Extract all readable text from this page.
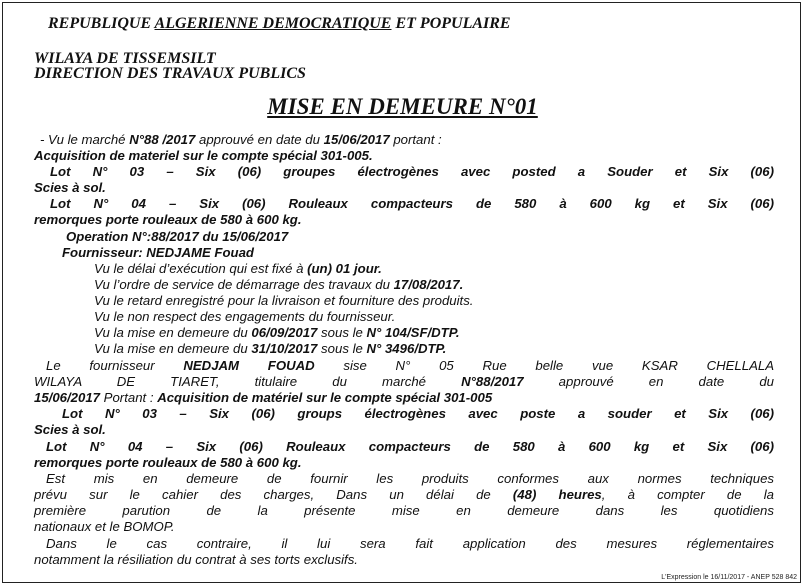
REPUBLIQUE ALGERIENNE DEMOCRATIQUE ET POPULAIRE
WILAYA DE TISSEMSILT
DIRECTION DES TRAVAUX PUBLICS
MISE EN DEMEURE N°01
- Vu le marché N°88 /2017 approuvé en date du 15/06/2017 portant :
Acquisition de materiel sur le compte spécial 301-005.
Lot N° 03 – Six (06) groupes électrogènes avec posted a Souder et Six (06)
Scies à sol.
Lot N° 04 – Six (06) Rouleaux compacteurs de 580 à 600 kg et Six (06)
remorques porte rouleaux de 580 à 600 kg.
Operation N°:88/2017 du 15/06/2017
Fournisseur: NEDJAME Fouad
Vu le délai d’exécution qui est fixé à (un) 01 jour.
Vu l’ordre de service de démarrage des travaux du 17/08/2017.
Vu le retard enregistré pour la livraison et fourniture des produits.
Vu le non respect des engagements du fournisseur.
Vu la mise en demeure du 06/09/2017 sous le N° 104/SF/DTP.
Vu la mise en demeure du 31/10/2017 sous le N° 3496/DTP.
Le fournisseur NEDJAM FOUAD sise N° 05 Rue belle vue KSAR CHELLALA
WILAYA DE TIARET, titulaire du marché N°88/2017 approuvé en date du
15/06/2017 Portant : Acquisition de matériel sur le compte spécial 301-005
Lot N° 03 – Six (06) groups électrogènes avec poste a souder et Six (06)
Scies à sol.
Lot N° 04 – Six (06) Rouleaux compacteurs de 580 à 600 kg et Six (06)
remorques porte rouleaux de 580 à 600 kg.
Est mis en demeure de fournir les produits conformes aux normes techniques
prévu sur le cahier des charges, Dans un délai de (48) heures, à compter de la
première parution de la présente mise en demeure dans les quotidiens
nationaux et le BOMOP.
Dans le cas contraire, il lui sera fait application des mesures réglementaires
notamment la résiliation du contrat à ses torts exclusifs.
L'Expression le 16/11/2017 - ANEP 528 842
